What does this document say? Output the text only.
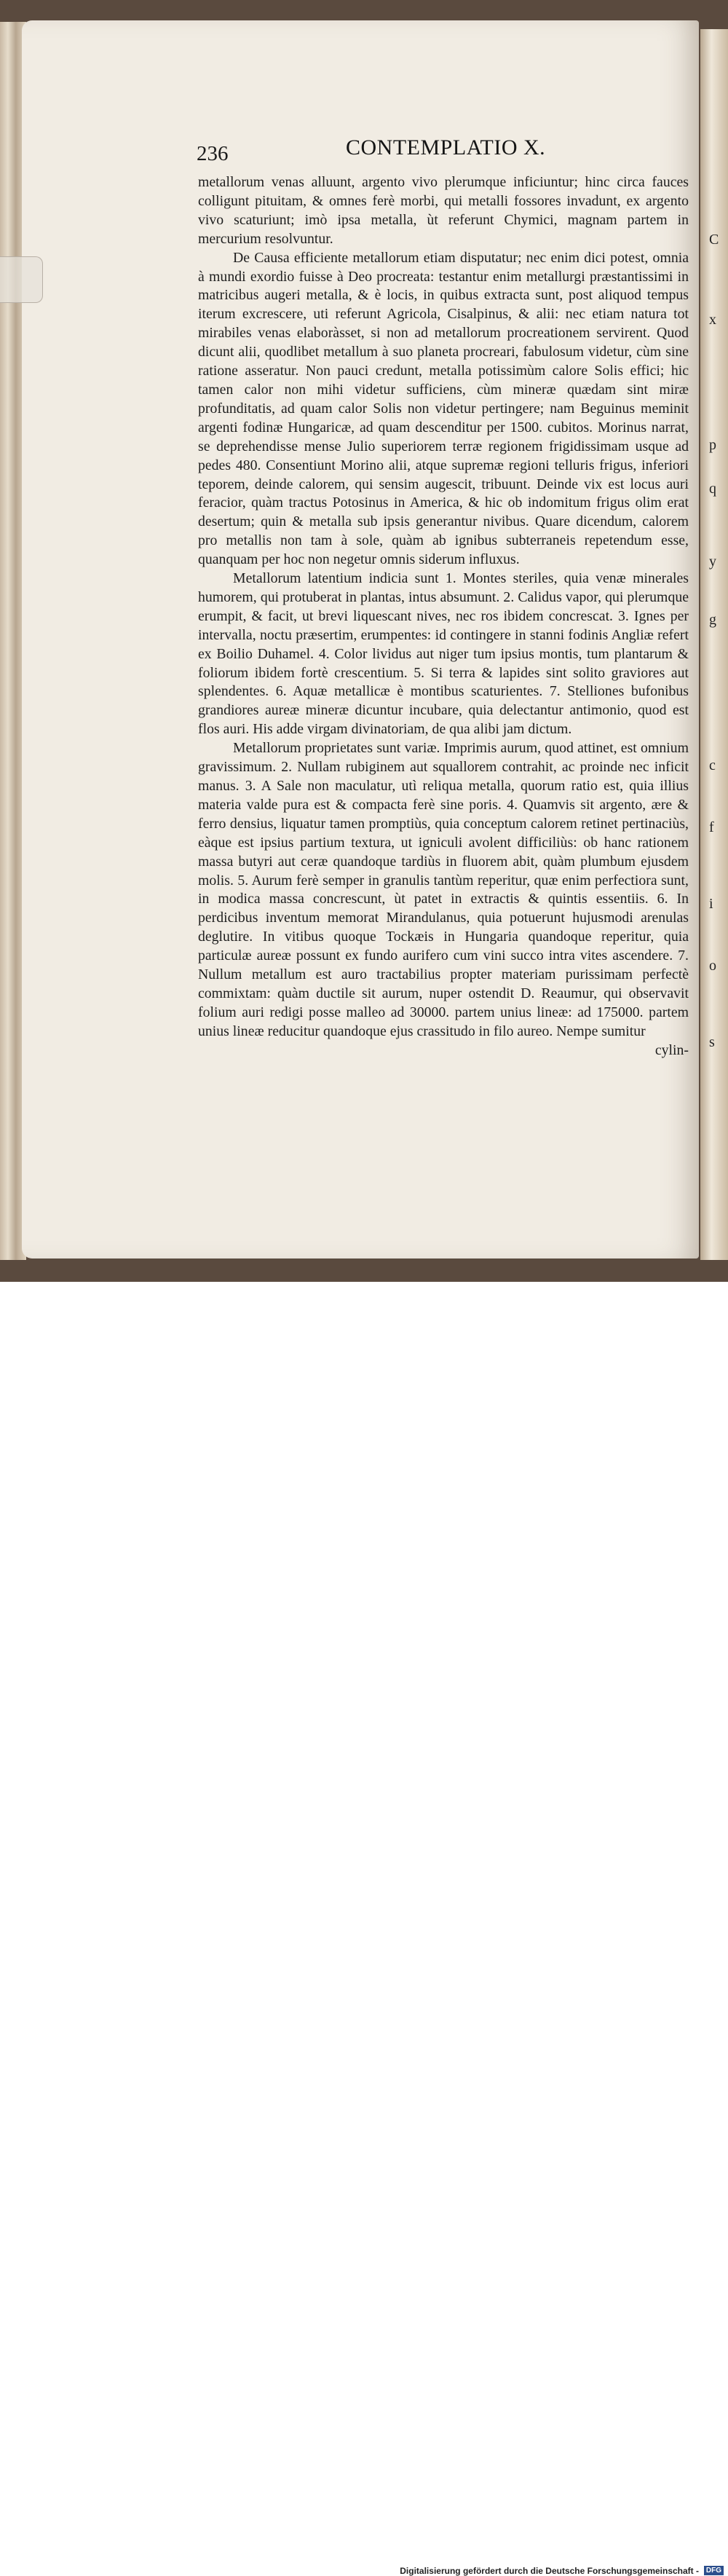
C
x
p
q
y
g
c
f
i
o
s
236	CONTEMPLATIO X.

metallorum venas alluunt, argento vivo plerumque inficiuntur; hinc circa fauces colligunt pituitam, & omnes ferè morbi, qui metalli fossores invadunt, ex argento vivo scaturiunt; imò ipsa metalla, ùt referunt Chymici, magnam partem in mercurium resolvuntur.

De Causa efficiente metallorum etiam disputatur; nec enim dici potest, omnia à mundi exordio fuisse à Deo procreata: testantur enim metallurgi præstantissimi in matricibus augeri metalla, & è locis, in quibus extracta sunt, post aliquod tempus iterum excrescere, uti referunt Agricola, Cisalpinus, & alii: nec etiam natura tot mirabiles venas elaboràsset, si non ad metallorum procreationem servirent. Quod dicunt alii, quodlibet metallum à suo planeta procreari, fabulosum videtur, cùm sine ratione asseratur. Non pauci credunt, metalla potissimùm calore Solis effici; hic tamen calor non mihi videtur sufficiens, cùm mineræ quædam sint miræ profunditatis, ad quam calor Solis non videtur pertingere; nam Beguinus meminit argenti fodinæ Hungaricæ, ad quam descenditur per 1500. cubitos. Morinus narrat, se deprehendisse mense Julio superiorem terræ regionem frigidissimam usque ad pedes 480. Consentiunt Morino alii, atque supremæ regioni telluris frigus, inferiori teporem, deinde calorem, qui sensim augescit, tribuunt. Deinde vix est locus auri feracior, quàm tractus Potosinus in America, & hic ob indomitum frigus olim erat desertum; quin & metalla sub ipsis generantur nivibus. Quare dicendum, calorem pro metallis non tam à sole, quàm ab ignibus subterraneis repetendum esse, quanquam per hoc non negetur omnis siderum influxus.

Metallorum latentium indicia sunt 1. Montes steriles, quia venæ minerales humorem, qui protuberat in plantas, intus absumunt. 2. Calidus vapor, qui plerumque erumpit, & facit, ut brevi liquescant nives, nec ros ibidem concrescat. 3. Ignes per intervalla, noctu præsertim, erumpentes: id contingere in stanni fodinis Angliæ refert ex Boilio Duhamel. 4. Color lividus aut niger tum ipsius montis, tum plantarum & foliorum ibidem fortè crescentium. 5. Si terra & lapides sint solito graviores aut splendentes. 6. Aquæ metallicæ è montibus scaturientes. 7. Stelliones bufonibus grandiores aureæ mineræ dicuntur incubare, quia delectantur antimonio, quod est flos auri. His adde virgam divinatoriam, de qua alibi jam dictum.

Metallorum proprietates sunt variæ. Imprimis aurum, quod attinet, est omnium gravissimum. 2. Nullam rubiginem aut squallorem contrahit, ac proinde nec inficit manus. 3. A Sale non maculatur, utì reliqua metalla, quorum ratio est, quia illius materia valde pura est & compacta ferè sine poris. 4. Quamvis sit argento, ære & ferro densius, liquatur tamen promptiùs, quia conceptum calorem retinet pertinaciùs, eàque est ipsius partium textura, ut igniculi avolent difficiliùs: ob hanc rationem massa butyri aut ceræ quandoque tardiùs in fluorem abit, quàm plumbum ejusdem molis. 5. Aurum ferè semper in granulis tantùm reperitur, quæ enim perfectiora sunt, in modica massa concrescunt, ùt patet in extractis & quintis essentiis. 6. In perdicibus inventum memorat Mirandulanus, quia potuerunt hujusmodi arenulas deglutire. In vitibus quoque Tockæis in Hungaria quandoque reperitur, quia particulæ aureæ possunt ex fundo aurifero cum vini succo intra vites ascendere. 7. Nullum metallum est auro tractabilius propter materiam purissimam perfectè commixtam: quàm ductile sit aurum, nuper ostendit D. Reaumur, qui observavit folium auri redigi posse malleo ad 30000. partem unius lineæ: ad 175000. partem unius lineæ reducitur quandoque ejus crassitudo in filo aureo. Nempe sumitur

cylin-

Digitalisierung gefördert durch die Deutsche Forschungsgemeinschaft - DFG
